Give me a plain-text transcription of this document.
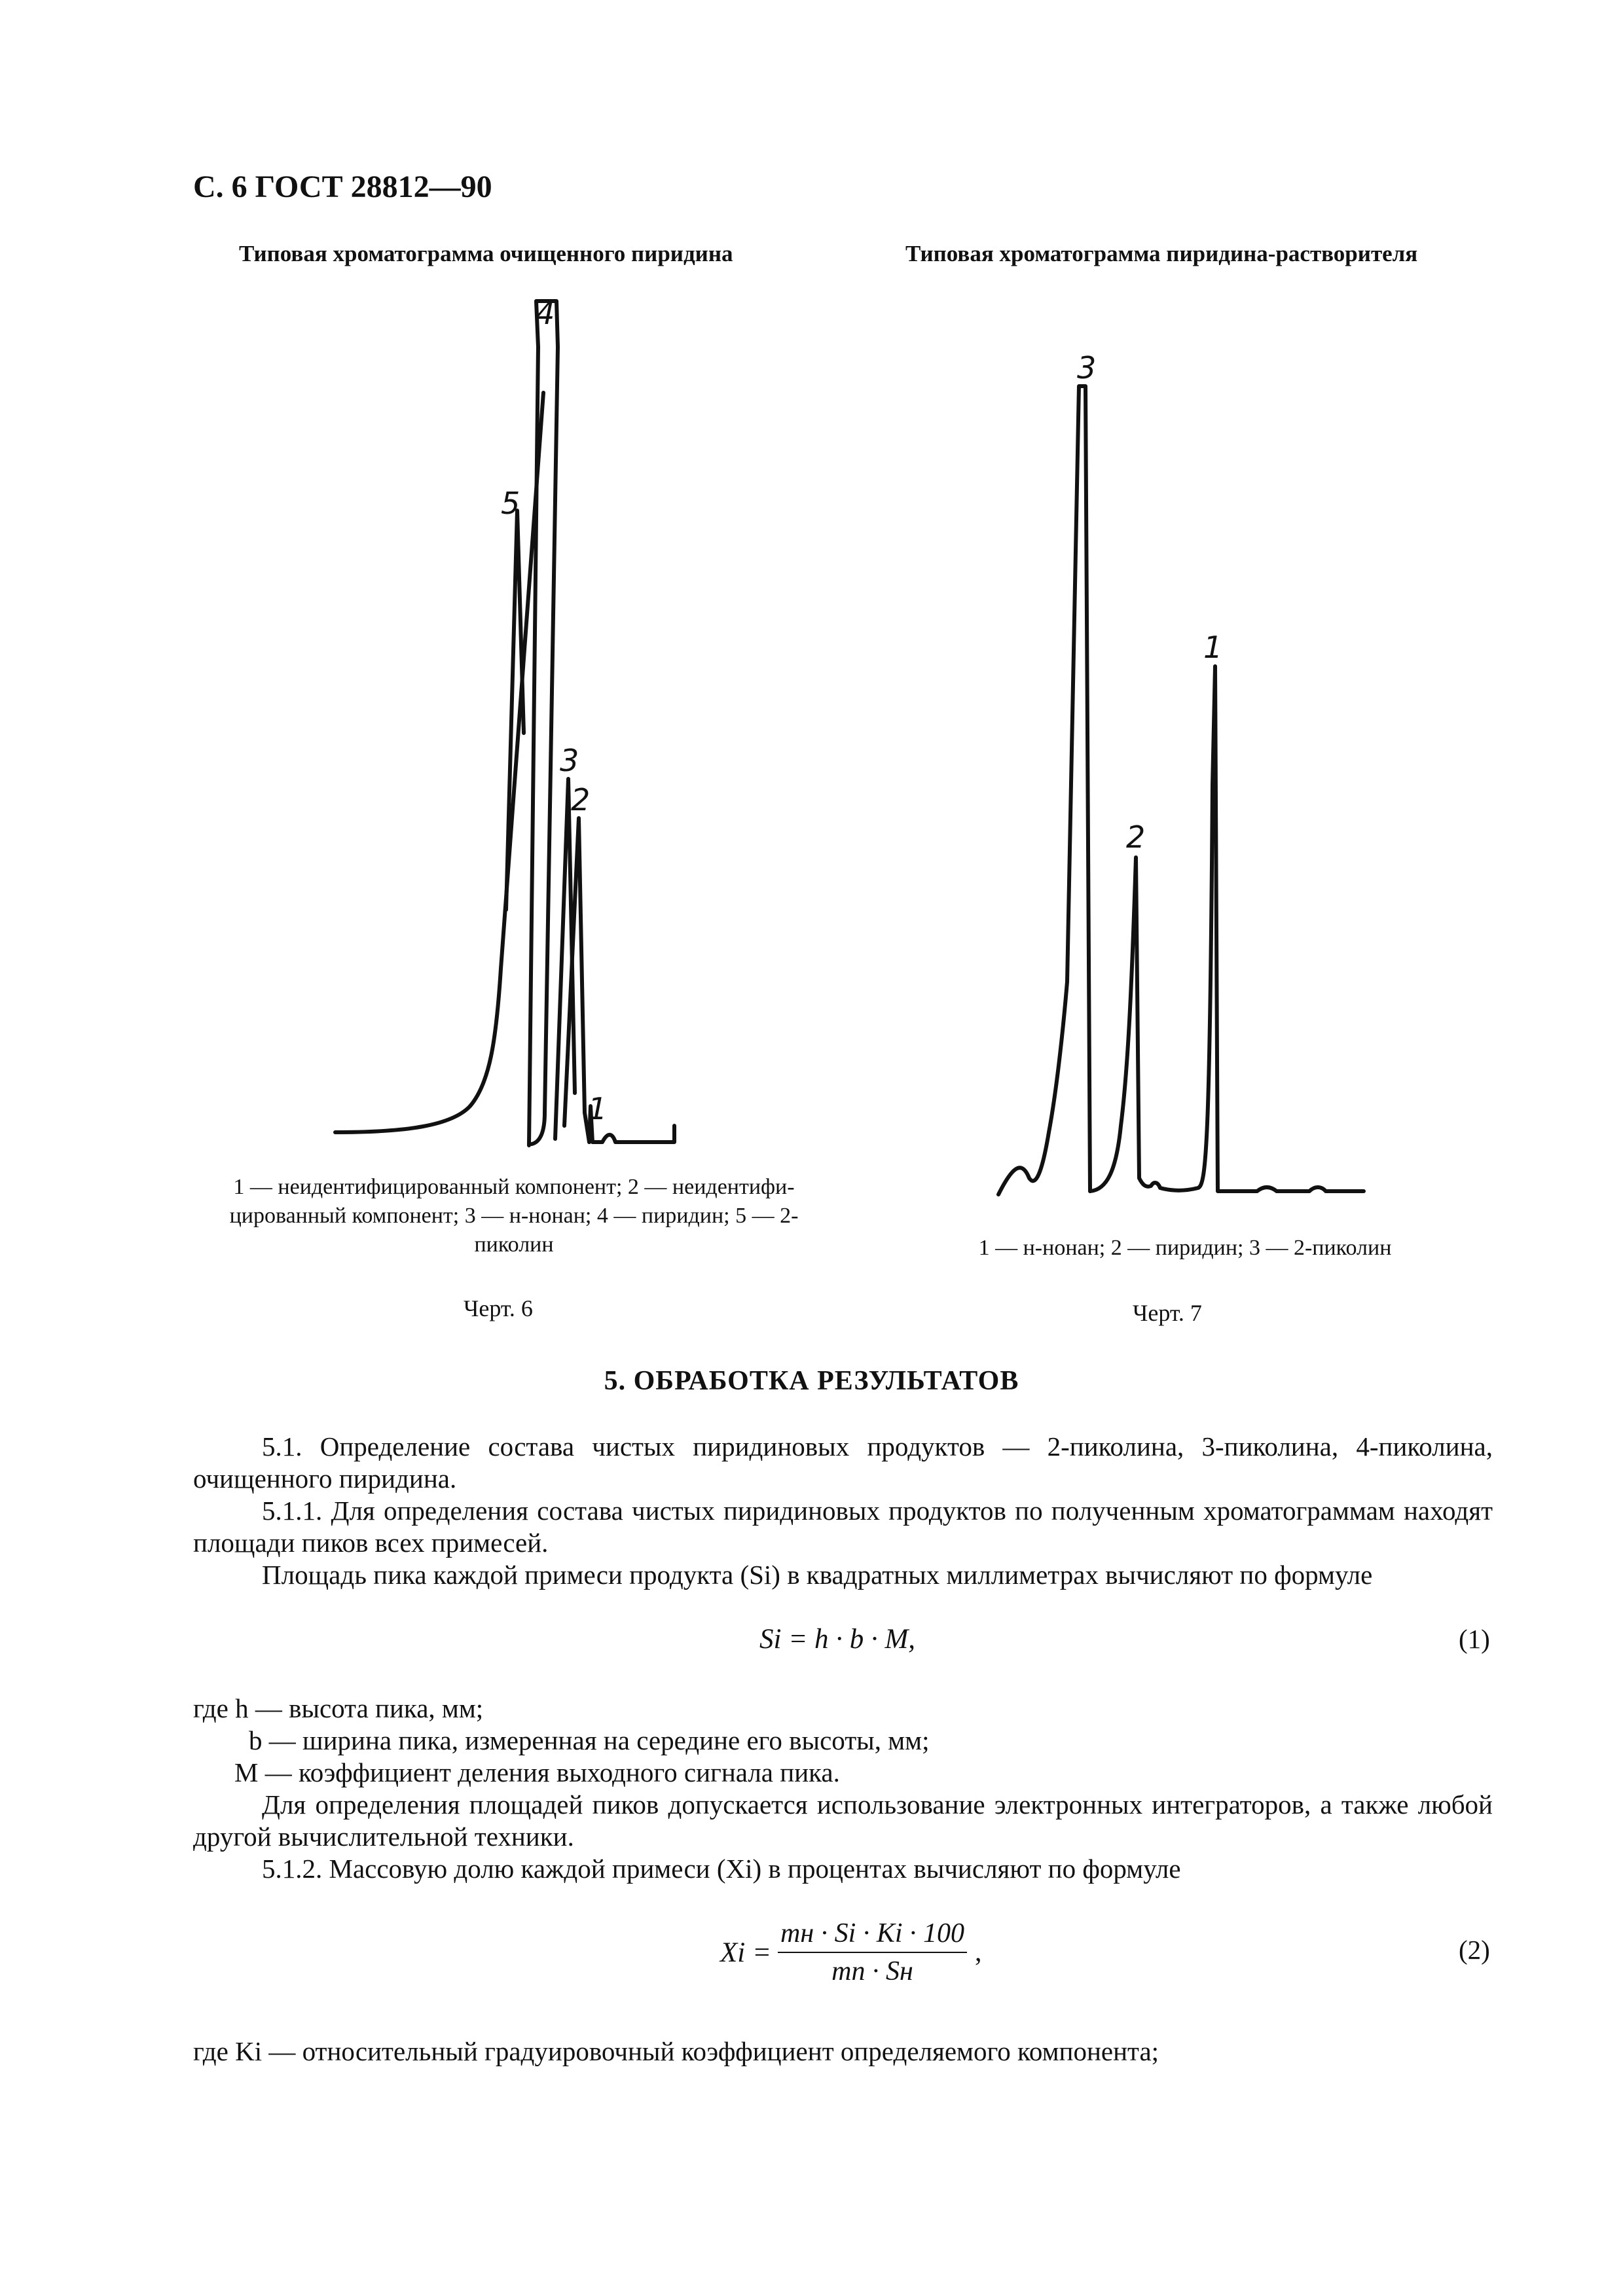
С. 6 ГОСТ 28812—90
Типовая хроматограмма очищенного пиридина	Типовая хроматограмма пиридина-растворителя
4
5
3
2
1
3
1
2
1 — неидентифицированный компонент; 2 — неидентифи-
цированный компонент; 3 — н-нонан; 4 — пиридин; 5 — 2-
пиколин
Черт. 6
1 — н-нонан; 2 — пиридин; 3 — 2-пиколин
Черт. 7
5. ОБРАБОТКА РЕЗУЛЬТАТОВ
5.1. Определение состава чистых пиридиновых продуктов — 2-пиколина, 3-пиколина, 4-пиколина, очищенного пиридина.
5.1.1. Для определения состава чистых пиридиновых продуктов по полученным хроматограммам находят площади пиков всех примесей.
Площадь пика каждой примеси продукта (Si) в квадратных миллиметрах вычисляют по формуле
Si = h · b · M,	(1)
где h — высота пика, мм;
b — ширина пика, измеренная на середине его высоты, мм;
M — коэффициент деления выходного сигнала пика.
Для определения площадей пиков допускается использование электронных интеграторов, а также любой другой вычислительной техники.
5.1.2. Массовую долю каждой примеси (Xi) в процентах вычисляют по формуле
$Xi = \frac{mн \cdot Si \cdot Ki \cdot 100}{mп \cdot Sн}$ ,	(2)
где Ki — относительный градуировочный коэффициент определяемого компонента;
